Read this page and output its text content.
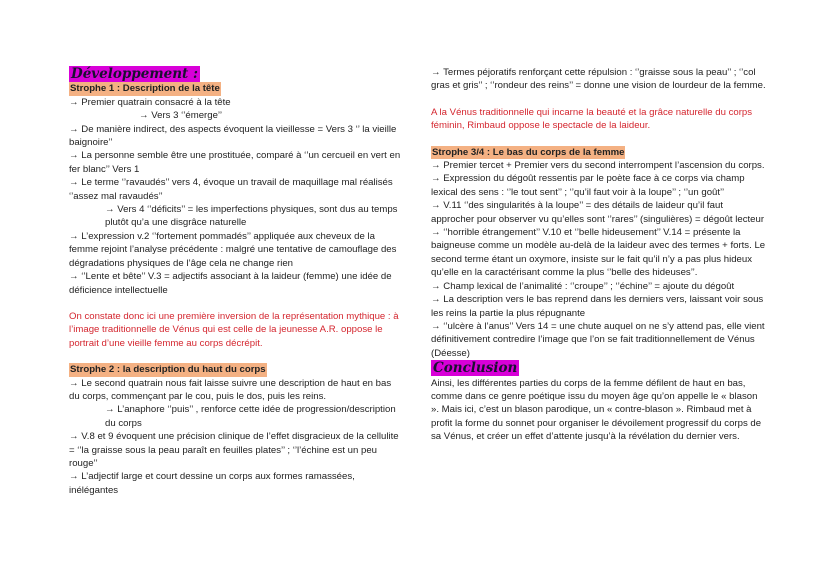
Développement :

Strophe 1 : Description de la tête

→ Premier quatrain consacré à la tête

→ Vers 3 ‘’émerge’’

→ De manière indirect, des aspects évoquent la vieillesse = Vers 3 ‘’ la vieille baignoire’’

→ La personne semble être une prostituée, comparé à ‘’un cercueil en vert en fer blanc’’ Vers 1

→ Le terme ‘’ravaudés’’ vers 4, évoque un travail de maquillage mal réalisés ‘’assez mal ravaudés’’

→ Vers 4 ‘’déficits’’ = les imperfections physiques, sont dus au temps plutôt qu’a une disgrâce naturelle

→ L’expression v.2 ‘’fortement pommadés’’ appliquée aux cheveux de la femme rejoint l’analyse précédente : malgré une tentative de camouflage des dégradations physiques de l’âge cela ne change rien

→ ‘’Lente et bête’’ V.3 = adjectifs associant à la laideur (femme) une idée de déficience intellectuelle

On constate donc ici une première inversion de la représentation mythique : à l’image traditionnelle de Vénus qui est celle de la jeunesse A.R. oppose le portrait d’une vieille femme au corps décrépit.

Strophe 2 : la description du haut du corps

→ Le second quatrain nous fait laisse suivre une description de haut en bas du corps, commençant par le cou, puis le dos, puis les reins.

→ L’anaphore ‘’puis’’ , renforce cette idée de progression/description du corps

→ V.8 et 9 évoquent une précision clinique de l’effet disgracieux de la cellulite = ‘’la graisse sous la peau paraît en feuilles plates’’ ; ‘’l’échine est un peu rouge’’

→ L’adjectif large et court dessine un corps aux formes ramassées, inélégantes

→ Termes péjoratifs renforçant cette répulsion : ‘’graisse sous la peau’’ ; ‘’col gras et gris’’ ; ‘’rondeur des reins’’ = donne une vision de lourdeur de la femme.

A la Vénus traditionnelle qui incarne la beauté et la grâce naturelle du corps féminin, Rimbaud oppose le spectacle de la laideur.

Strophe 3/4 : Le bas du corps de la femme

→ Premier tercet + Premier vers du second interrompent l’ascension du corps.

→ Expression du dégoût ressentis par le poète face à ce corps via champ lexical des sens : ‘’le tout sent’’ ; ‘’qu’il faut voir à la loupe’’ ; ‘’un goût’’

→ V.11 ‘’des singularités à la loupe’’ = des détails de laideur qu’il faut approcher pour observer vu qu’elles sont ‘’rares’’ (singulières) = dégoût lecteur

→ ‘’horrible étrangement’’ V.10 et ‘’belle hideusement’’ V.14 = présente la baigneuse comme un modèle au-delà de la laideur avec des termes + forts. Le second terme étant un oxymore, insiste sur le fait qu’il n’y a pas plus hideux qu’elle en la caractérisant comme la plus ‘’belle des hideuses’’.

→ Champ lexical de l’animalité : ‘’croupe’’ ; ‘’échine’’ = ajoute du dégoût

→ La description vers le bas reprend dans les derniers vers, laissant voir sous les reins la partie la plus répugnante

→ ‘’ulcère à l’anus’’ Vers 14 = une chute auquel on ne s’y attend pas, elle vient définitivement contredire l’image que l’on se fait traditionnellement de Vénus (Déesse)

Conclusion

Ainsi, les différentes parties du corps de la femme défilent de haut en bas, comme dans ce genre poétique issu du moyen âge qu’on appelle le « blason ». Mais ici, c’est un blason parodique, un « contre-blason ». Rimbaud met à profit la forme du sonnet pour organiser le dévoilement progressif du corps de sa Vénus, et créer un effet d’attente jusqu’à la révélation du dernier vers.
